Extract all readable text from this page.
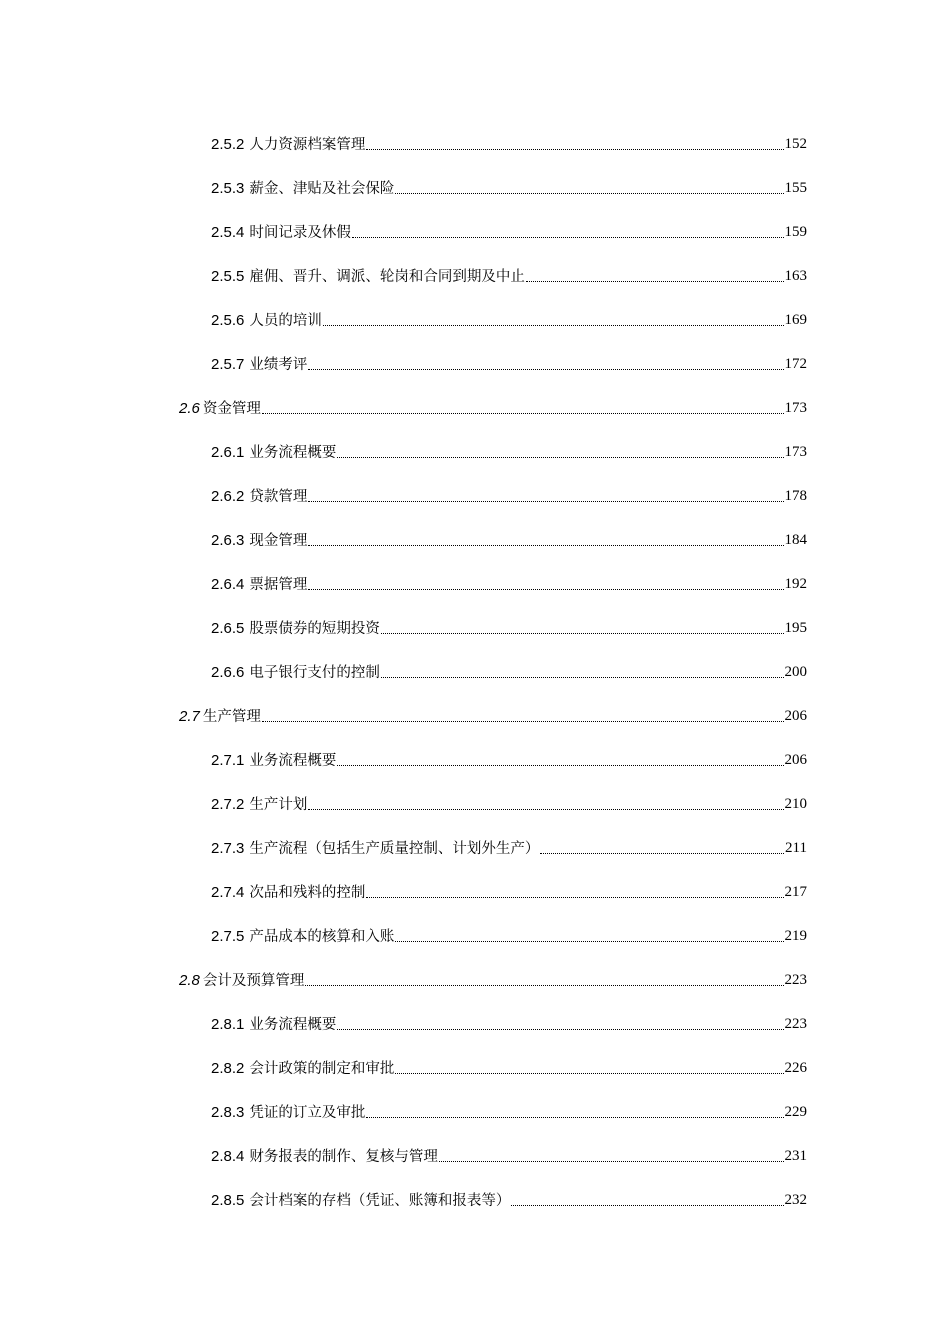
2.5.2 人力资源档案管理	152
2.5.3 薪金、津贴及社会保险	155
2.5.4 时间记录及休假	159
2.5.5 雇佣、晋升、调派、轮岗和合同到期及中止	163
2.5.6 人员的培训	169
2.5.7 业绩考评	172
2.6 资金管理	173
2.6.1 业务流程概要	173
2.6.2 贷款管理	178
2.6.3 现金管理	184
2.6.4 票据管理	192
2.6.5 股票债券的短期投资	195
2.6.6 电子银行支付的控制	200
2.7 生产管理	206
2.7.1 业务流程概要	206
2.7.2 生产计划	210
2.7.3 生产流程（包括生产质量控制、计划外生产）	211
2.7.4 次品和残料的控制	217
2.7.5 产品成本的核算和入账	219
2.8 会计及预算管理	223
2.8.1 业务流程概要	223
2.8.2 会计政策的制定和审批	226
2.8.3 凭证的订立及审批	229
2.8.4 财务报表的制作、复核与管理	231
2.8.5 会计档案的存档（凭证、账簿和报表等）	232
